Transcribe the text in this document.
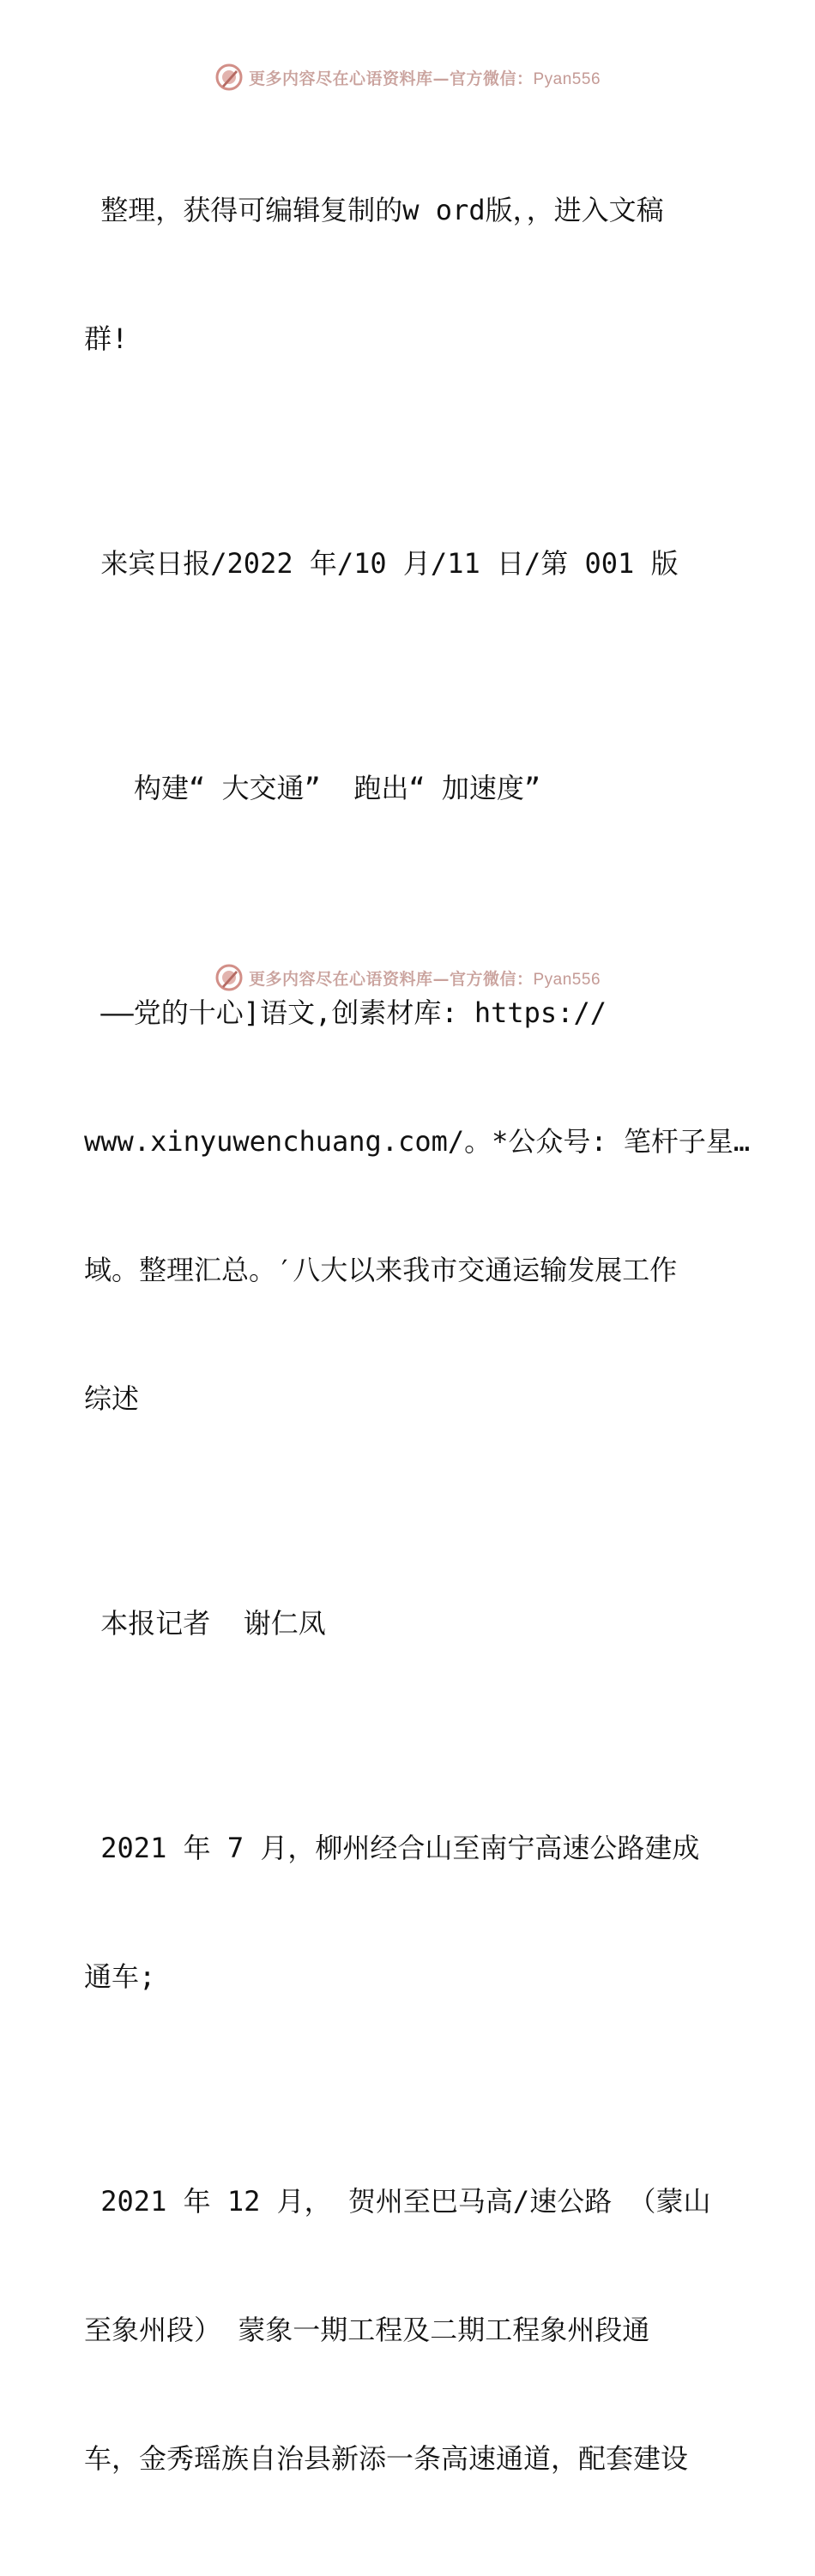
更多内容尽在心语资料库—官方微信：Pyan556

整理，获得可编辑复制的w ord版，，进入文稿

群!

来宾日报/2022 年/10 月/11 日/第 001 版

构建“ 大交通”  跑出“ 加速度”

——党的十心]语文,创素材库: https://

www.xinyuwenchuang.com/。*公众号: 笔杆子星…

域。整理汇总。′八大以来我市交通运输发展工作

综述

本报记者  谢仁凤

2021 年 7 月，柳州经合山至南宁高速公路建成

通车;

2021 年 12 月， 贺州至巴马高/速公路 （蒙山

至象州段） 蒙象一期工程及二期工程象州段通

车，金秀瑶族自治县新添一条高速通道，配套建设

更多内容尽在心语资料库—官方微信：Pyan556
